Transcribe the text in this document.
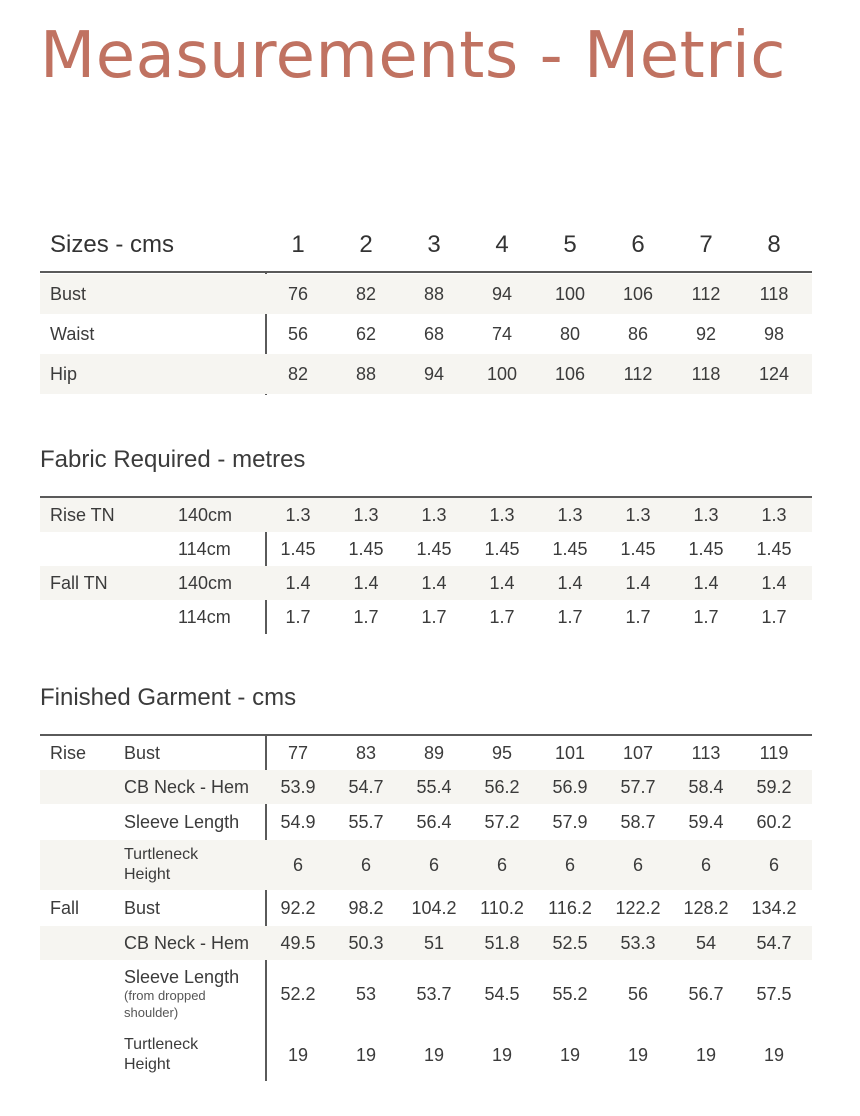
Measurements - Metric
Sizes - cms	1	2	3	4	5	6	7	8
Bust	76	82	88	94	100	106	112	118
Waist	56	62	68	74	80	86	92	98
Hip	82	88	94	100	106	112	118	124
Fabric Required - metres
Rise TN	140cm	1.3	1.3	1.3	1.3	1.3	1.3	1.3	1.3
114cm	1.45	1.45	1.45	1.45	1.45	1.45	1.45	1.45
Fall TN	140cm	1.4	1.4	1.4	1.4	1.4	1.4	1.4	1.4
114cm	1.7	1.7	1.7	1.7	1.7	1.7	1.7	1.7
Finished Garment - cms
Rise Bust	77	83	89	95	101	107	113	119
CB Neck - Hem	53.9	54.7	55.4	56.2	56.9	57.7	58.4	59.2
Sleeve Length	54.9	55.7	56.4	57.2	57.9	58.7	59.4	60.2
Turtleneck
Height	6	6	6	6	6	6	6	6
Fall Bust	92.2	98.2	104.2	110.2	116.2	122.2	128.2	134.2
CB Neck - Hem	49.5	50.3	51	51.8	52.5	53.3	54	54.7
Sleeve Length
(from dropped
shoulder)
52.2	53	53.7	54.5	55.2	56	56.7	57.5
Turtleneck
Height	19	19	19	19	19	19	19	19
